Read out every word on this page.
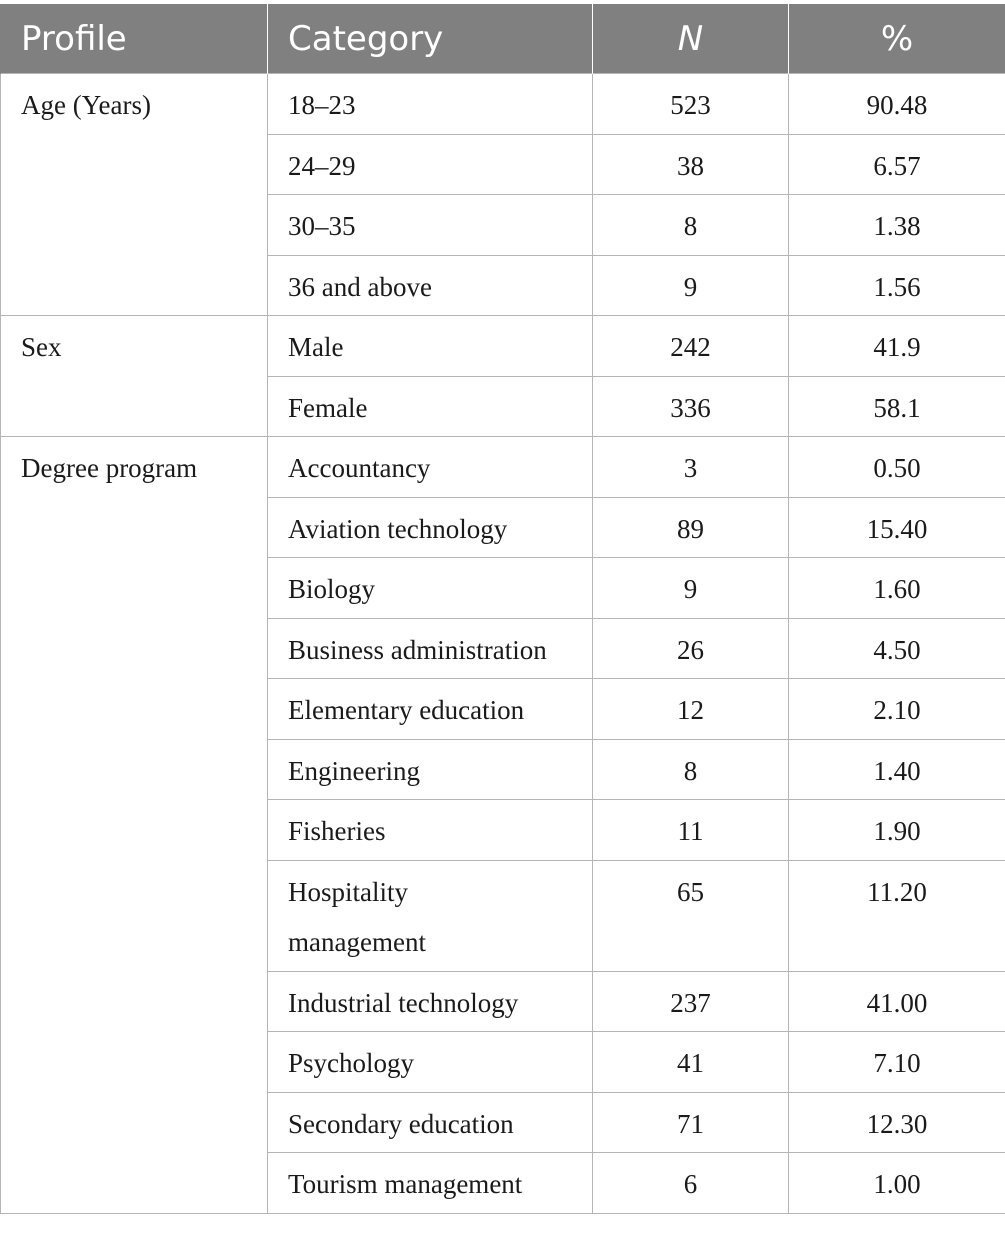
Profile	Category	N	%
Age (Years)	18–23	523	90.48
	24–29	38	6.57
	30–35	8	1.38
	36 and above	9	1.56
Sex	Male	242	41.9
	Female	336	58.1
Degree program	Accountancy	3	0.50
	Aviation technology	89	15.40
	Biology	9	1.60
	Business administration	26	4.50
	Elementary education	12	2.10
	Engineering	8	1.40
	Fisheries	11	1.90
	Hospitality management	65	11.20
	Industrial technology	237	41.00
	Psychology	41	7.10
	Secondary education	71	12.30
	Tourism management	6	1.00
